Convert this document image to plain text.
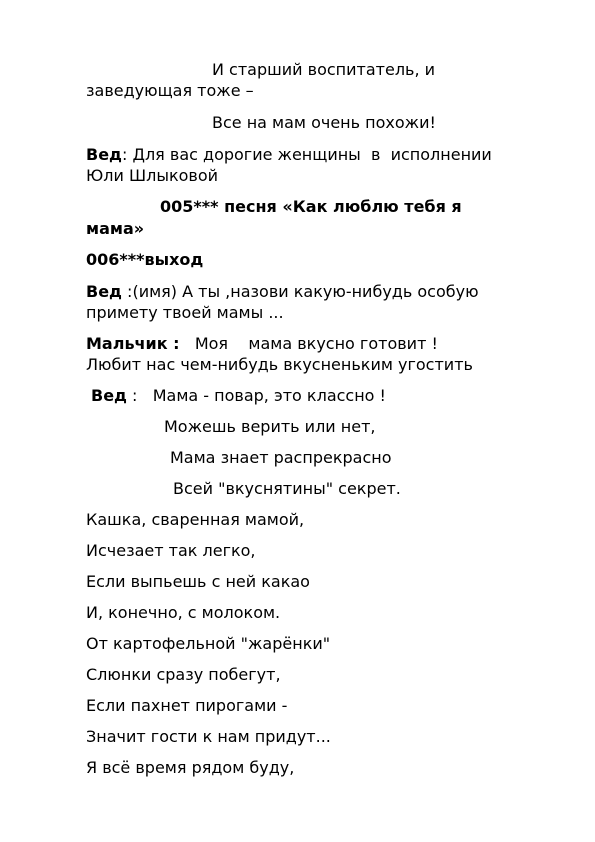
И старший воспитатель, и

заведующая тоже –

Все на мам очень похожи!

Вед: Для вас дорогие женщины  в  исполнении

Юли Шлыковой

005*** песня «Как люблю тебя я

мама»

006***выход

Вед :(имя) А ты ,назови какую-нибудь особую

примету твоей мамы ...

Мальчик :   Моя    мама вкусно готовит !

Любит нас чем-нибудь вкусненьким угостить

Вед :   Мама - повар, это классно !

Можешь верить или нет,

Мама знает распрекрасно

Всей "вкуснятины" секрет.

Кашка, сваренная мамой,

Исчезает так легко,

Если выпьешь с ней какао

И, конечно, с молоком.

От картофельной "жарёнки"

Слюнки сразу побегут,

Если пахнет пирогами -

Значит гости к нам придут...

Я всё время рядом буду,
